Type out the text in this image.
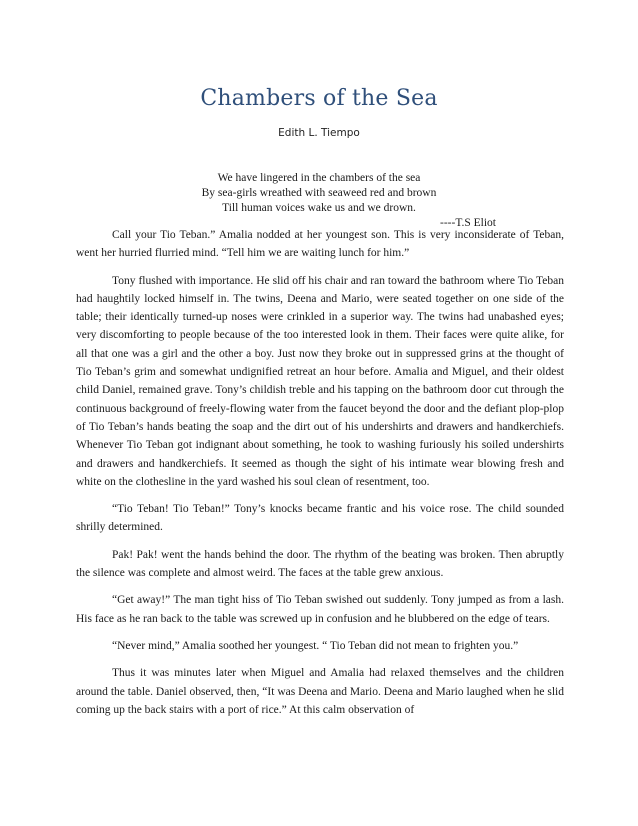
Chambers of the Sea
Edith L. Tiempo
We have lingered in the chambers of the sea
By sea-girls wreathed with seaweed red and brown
Till human voices wake us and we drown.
----T.S Eliot

Call your Tio Teban.” Amalia nodded at her youngest son. This is very inconsiderate of Teban, went her hurried flurried mind. “Tell him we are waiting lunch for him.”

Tony flushed with importance. He slid off his chair and ran toward the bathroom where Tio Teban had haughtily locked himself in. The twins, Deena and Mario, were seated together on one side of the table; their identically turned-up noses were crinkled in a superior way. The twins had unabashed eyes; very discomforting to people because of the too interested look in them. Their faces were quite alike, for all that one was a girl and the other a boy. Just now they broke out in suppressed grins at the thought of Tio Teban’s grim and somewhat undignified retreat an hour before. Amalia and Miguel, and their oldest child Daniel, remained grave. Tony’s childish treble and his tapping on the bathroom door cut through the continuous background of freely-flowing water from the faucet beyond the door and the defiant plop-plop of Tio Teban’s hands beating the soap and the dirt out of his undershirts and drawers and handkerchiefs. Whenever Tio Teban got indignant about something, he took to washing furiously his soiled undershirts and drawers and handkerchiefs. It seemed as though the sight of his intimate wear blowing fresh and white on the clothesline in the yard washed his soul clean of resentment, too.

“Tio Teban! Tio Teban!” Tony’s knocks became frantic and his voice rose. The child sounded shrilly determined.

Pak! Pak! went the hands behind the door. The rhythm of the beating was broken. Then abruptly the silence was complete and almost weird. The faces at the table grew anxious.

“Get away!” The man tight hiss of Tio Teban swished out suddenly. Tony jumped as from a lash. His face as he ran back to the table was screwed up in confusion and he blubbered on the edge of tears.

“Never mind,” Amalia soothed her youngest. “ Tio Teban did not mean to frighten you.”

Thus it was minutes later when Miguel and Amalia had relaxed themselves and the children around the table. Daniel observed, then, “It was Deena and Mario. Deena and Mario laughed when he slid coming up the back stairs with a port of rice.” At this calm observation of
